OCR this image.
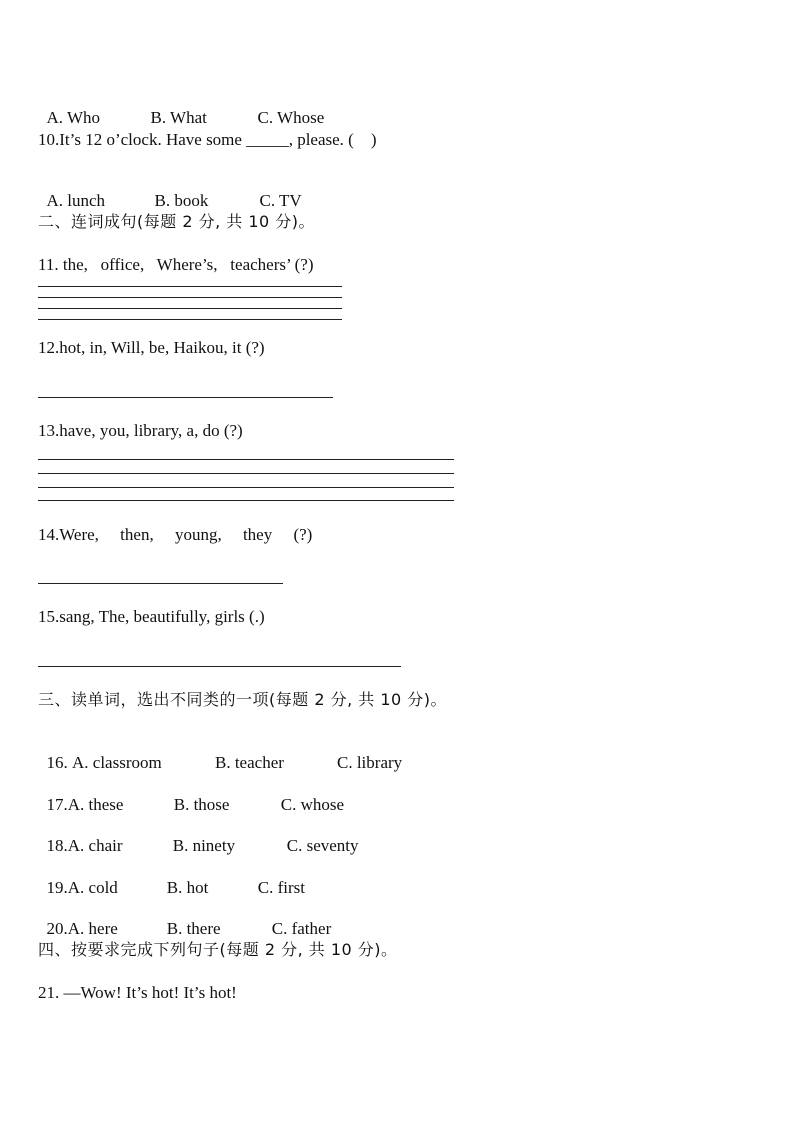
A. Who	B. What	C. Whose

10.It’s 12 o’clock. Have some _____, please. (    )

A. lunch	B. book	C. TV

二、连词成句(每题 2 分, 共 10 分)。
11. the,   office,   Where’s,   teachers’ (?)
12.hot, in, Will, be, Haikou, it (?)
13.have, you, library, a, do (?)
14.Were,     then,     young,     they     (?)
15.sang, The, beautifully, girls (.)
三、读单词，选出不同类的一项(每题 2 分, 共 10 分)。

16. A. classroom	B. teacher	C. library

17.A. these	B. those	C. whose

18.A. chair	B. ninety	C. seventy

19.A. cold	B. hot	C. first

20.A. here	B. there	C. father

四、按要求完成下列句子(每题 2 分, 共 10 分)。
21. —Wow! It’s hot! It’s hot!
